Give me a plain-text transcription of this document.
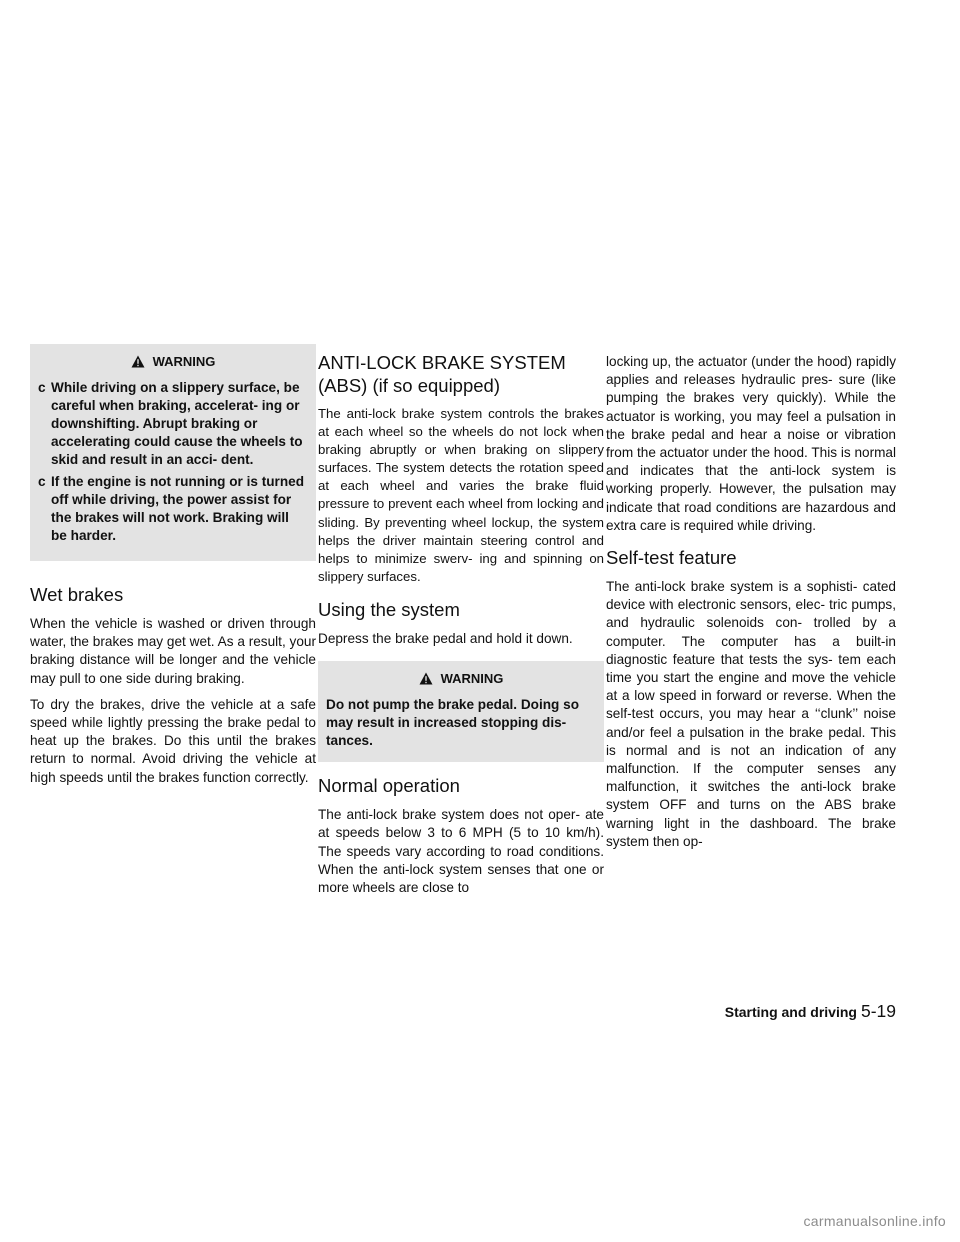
WARNING
c While driving on a slippery surface, be careful when braking, accelerat- ing or downshifting. Abrupt braking or accelerating could cause the wheels to skid and result in an acci- dent.
c If the engine is not running or is turned off while driving, the power assist for the brakes will not work. Braking will be harder.
Wet brakes

When the vehicle is washed or driven through water, the brakes may get wet. As a result, your braking distance will be longer and the vehicle may pull to one side during braking.

To dry the brakes, drive the vehicle at a safe speed while lightly pressing the brake pedal to heat up the brakes. Do this until the brakes return to normal. Avoid driving the vehicle at high speeds until the brakes function correctly.

ANTI-LOCK BRAKE SYSTEM
(ABS) (if so equipped)

The anti-lock brake system controls the brakes at each wheel so the wheels do not lock when braking abruptly or when braking on slippery surfaces. The system detects the rotation speed at each wheel and varies the brake fluid pressure to prevent each wheel from locking and sliding. By preventing wheel lockup, the system helps the driver maintain steering control and helps to minimize swerv- ing and spinning on slippery surfaces.

Using the system

Depress the brake pedal and hold it down.

WARNING
Do not pump the brake pedal. Doing so may result in increased stopping dis- tances.
Normal operation

The anti-lock brake system does not oper- ate at speeds below 3 to 6 MPH (5 to 10 km/h). The speeds vary according to road conditions. When the anti-lock system senses that one or more wheels are close to

locking up, the actuator (under the hood) rapidly applies and releases hydraulic pres- sure (like pumping the brakes very quickly). While the actuator is working, you may feel a pulsation in the brake pedal and hear a noise or vibration from the actuator under the hood. This is normal and indicates that the anti-lock system is working properly. However, the pulsation may indicate that road conditions are hazardous and extra care is required while driving.

Self-test feature

The anti-lock brake system is a sophisti- cated device with electronic sensors, elec- tric pumps, and hydraulic solenoids con- trolled by a computer. The computer has a built-in diagnostic feature that tests the sys- tem each time you start the engine and move the vehicle at a low speed in forward or reverse. When the self-test occurs, you may hear a ‘‘clunk’’ noise and/or feel a pulsation in the brake pedal. This is normal and is not an indication of any malfunction. If the computer senses any malfunction, it switches the anti-lock brake system OFF and turns on the ABS brake warning light in the dashboard. The brake system then op-

Starting and driving 5-19
carmanualsonline.info
